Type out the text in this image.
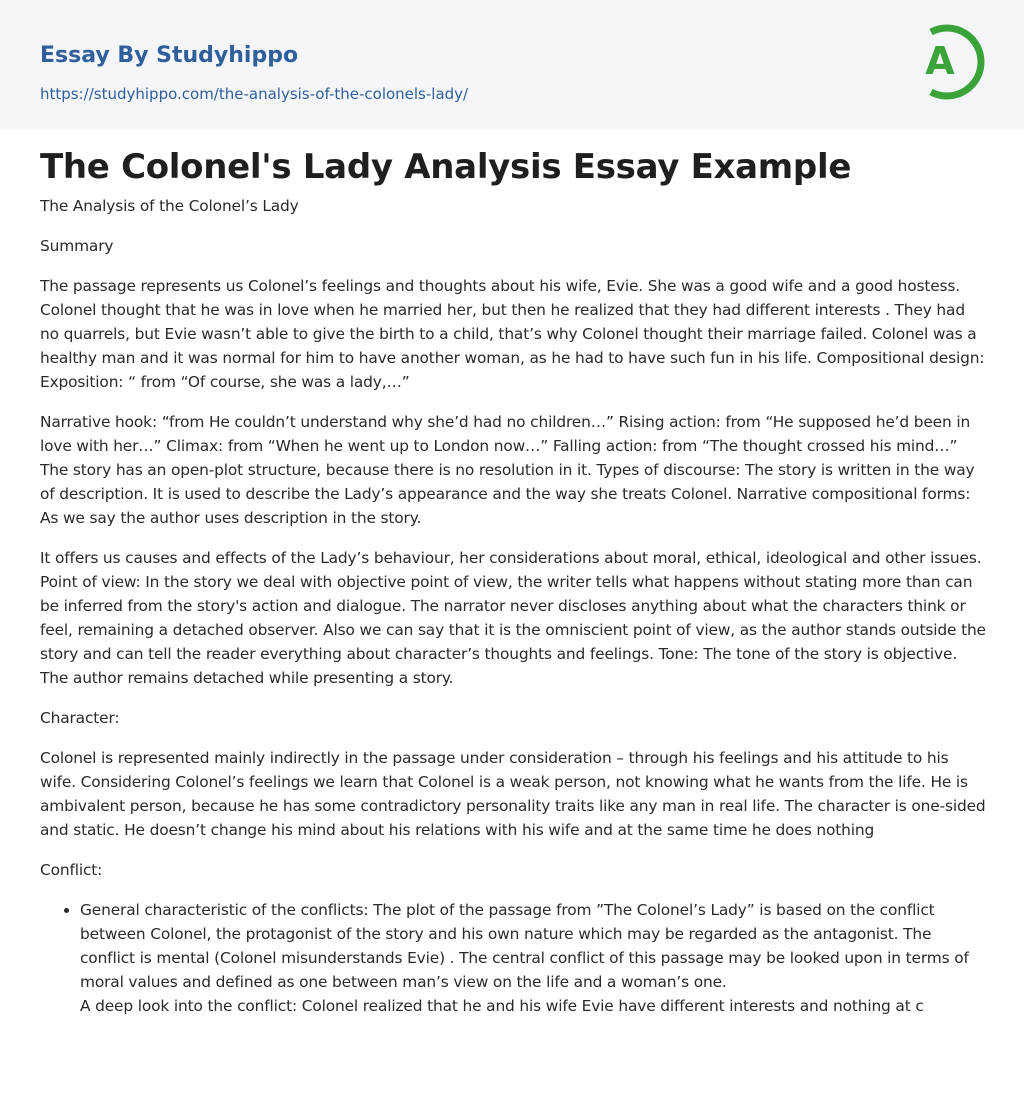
Essay By Studyhippo
https://studyhippo.com/the-analysis-of-the-colonels-lady/
A
The Colonel's Lady Analysis Essay Example

The Analysis of the Colonel’s Lady

Summary

The passage represents us Colonel’s feelings and thoughts about his wife, Evie. She was a good wife and a good hostess. Colonel thought that he was in love when he married her, but then he realized that they had different interests . They had no quarrels, but Evie wasn’t able to give the birth to a child, that’s why Colonel thought their marriage failed. Colonel was a healthy man and it was normal for him to have another woman, as he had to have such fun in his life. Compositional design: Exposition: “ from “Of course, she was a lady,…”

Narrative hook: “from He couldn’t understand why she’d had no children…” Rising action: from “He supposed he’d been in love with her…” Climax: from “When he went up to London now…” Falling action: from “The thought crossed his mind…” The story has an open-plot structure, because there is no resolution in it. Types of discourse: The story is written in the way of description. It is used to describe the Lady’s appearance and the way she treats Colonel. Narrative compositional forms: As we say the author uses description in the story.

It offers us causes and effects of the Lady’s behaviour, her considerations about moral, ethical, ideological and other issues. Point of view: In the story we deal with objective point of view, the writer tells what happens without stating more than can be inferred from the story's action and dialogue. The narrator never discloses anything about what the characters think or feel, remaining a detached observer. Also we can say that it is the omniscient point of view, as the author stands outside the story and can tell the reader everything about character’s thoughts and feelings. Tone: The tone of the story is objective. The author remains detached while presenting a story.

Character:

Colonel is represented mainly indirectly in the passage under consideration – through his feelings and his attitude to his wife. Considering Colonel’s feelings we learn that Colonel is a weak person, not knowing what he wants from the life. He is ambivalent person, because he has some contradictory personality traits like any man in real life. The character is one-sided and static. He doesn’t change his mind about his relations with his wife and at the same time he does nothing

Conflict:

• General characteristic of the conflicts: The plot of the passage from ”The Colonel’s Lady” is based on the conflict between Colonel, the protagonist of the story and his own nature which may be regarded as the antagonist. The conflict is mental (Colonel misunderstands Evie) . The central conflict of this passage may be looked upon in terms of moral values and defined as one between man’s view on the life and a woman’s one.
• A deep look into the conflict: Colonel realized that he and his wife Evie have different interests and nothing at c
